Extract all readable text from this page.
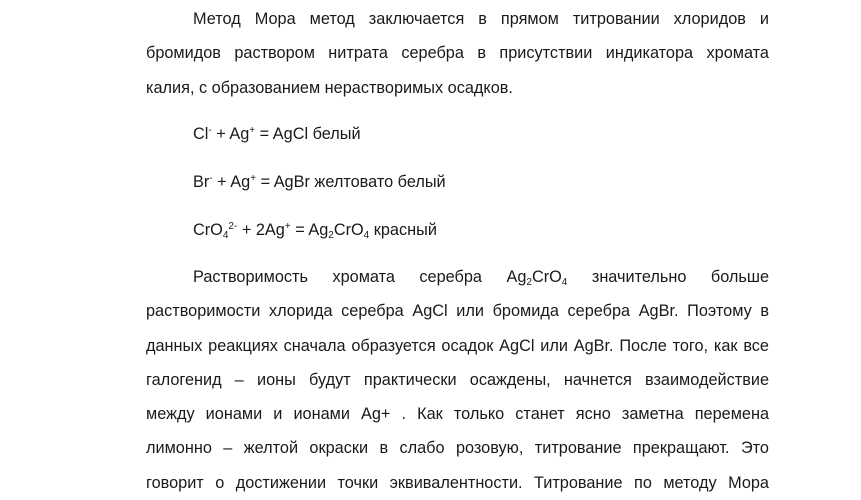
Метод Мора метод заключается в прямом титровании хлоридов и
бромидов раствором нитрата серебра в присутствии индикатора хромата
калия, с образованием нерастворимых осадков.

Cl- + Ag+ = AgCl белый

Br- + Ag+ = AgBr желтовато белый

$CrO_4^{2-} + 2Ag^+ = Ag_2CrO_4$ красный

Растворимость хромата серебра $Ag_2CrO_4$ значительно больше
растворимости хлорида серебра AgCl или бромида серебра AgBr. Поэтому в
данных реакциях сначала образуется осадок AgCl или AgBr. После того, как все
галогенид – ионы будут практически осаждены, начнется взаимодействие
между ионами и ионами Ag+ . Как только станет ясно заметна перемена
лимонно – желтой окраски в слабо розовую, титрование прекращают. Это
говорит о достижении точки эквивалентности. Титрование по методу Мора
